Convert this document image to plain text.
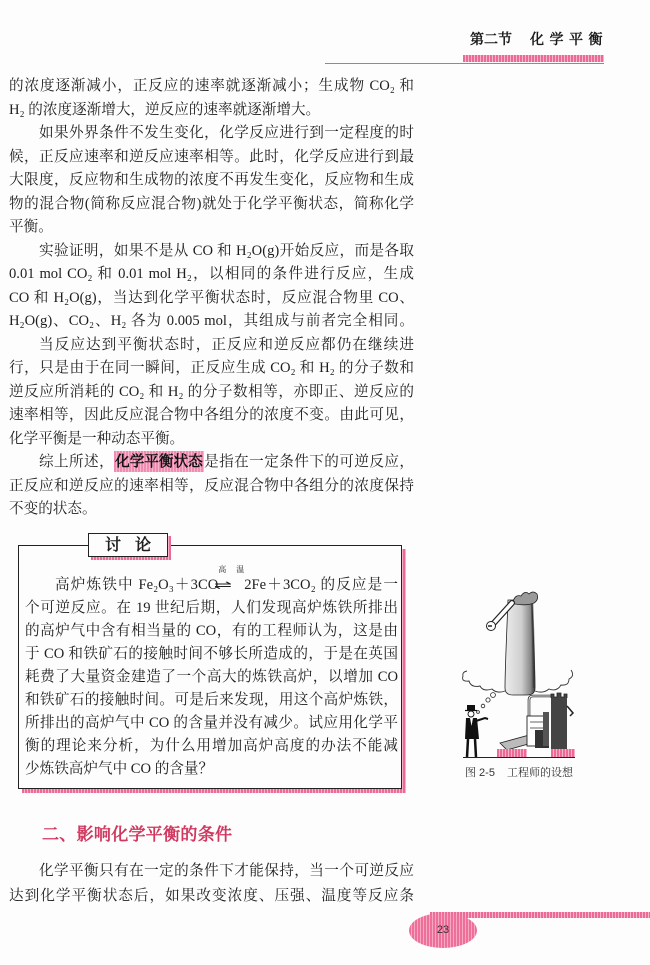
第二节 化学平衡
的浓度逐渐减小，正反应的速率就逐渐减小；生成物 CO₂ 和
H₂ 的浓度逐渐增大，逆反应的速率就逐渐增大。
如果外界条件不发生变化，化学反应进行到一定程度的时
候，正反应速率和逆反应速率相等。此时，化学反应进行到最
大限度，反应物和生成物的浓度不再发生变化，反应物和生成
物的混合物(简称反应混合物)就处于化学平衡状态，简称化学
平衡。
实验证明，如果不是从 CO 和 H₂O(g)开始反应，而是各取
0.01 mol CO₂ 和 0.01 mol H₂，以相同的条件进行反应，生成
CO 和 H₂O(g)，当达到化学平衡状态时，反应混合物里 CO、
H₂O(g)、CO₂、H₂ 各为 0.005 mol，其组成与前者完全相同。
当反应达到平衡状态时，正反应和逆反应都仍在继续进
行，只是由于在同一瞬间，正反应生成 CO₂ 和 H₂ 的分子数和
逆反应所消耗的 CO₂ 和 H₂ 的分子数相等，亦即正、逆反应的
速率相等，因此反应混合物中各组分的浓度不变。由此可见，
化学平衡是一种动态平衡。
综上所述，化学平衡状态是指在一定条件下的可逆反应，
正反应和逆反应的速率相等，反应混合物中各组分的浓度保持
不变的状态。
讨论
高炉炼铁中 Fe₂O₃＋3CO
高温
⇌ 2Fe＋3CO₂ 的反应是一
个可逆反应。在 19 世纪后期，人们发现高炉炼铁所排出
的高炉气中含有相当量的 CO，有的工程师认为，这是由
于 CO 和铁矿石的接触时间不够长所造成的，于是在英国
耗费了大量资金建造了一个高大的炼铁高炉，以增加 CO
和铁矿石的接触时间。可是后来发现，用这个高炉炼铁，
所排出的高炉气中 CO 的含量并没有减少。试应用化学平
衡的理论来分析，为什么用增加高炉高度的办法不能减
少炼铁高炉气中 CO 的含量？	图 2-5 工程师的设想
二、影响化学平衡的条件
化学平衡只有在一定的条件下才能保持，当一个可逆反应
达到化学平衡状态后，如果改变浓度、压强、温度等反应条
23
